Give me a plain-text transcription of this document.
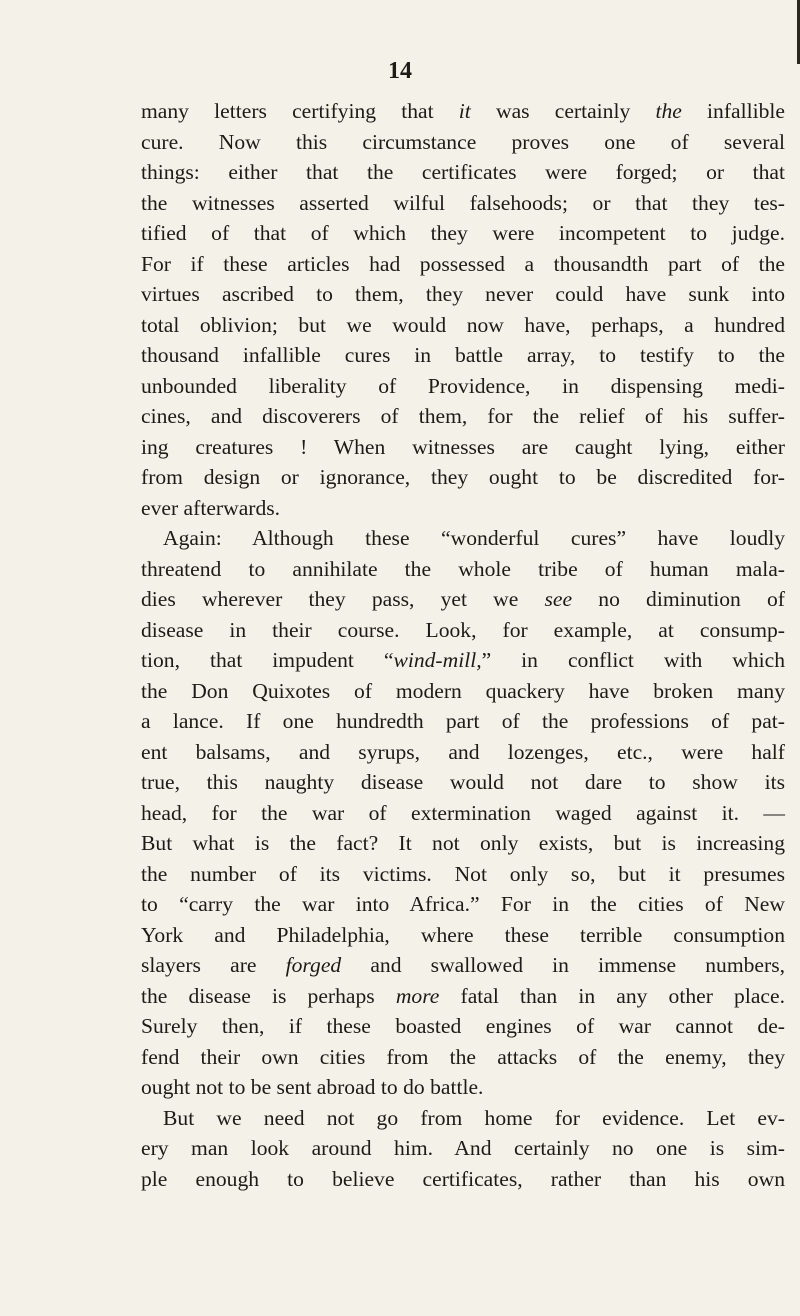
14
many letters certifying that it was certainly the infallible
cure. Now this circumstance proves one of several
things: either that the certificates were forged; or that
the witnesses asserted wilful falsehoods; or that they tes-
tified of that of which they were incompetent to judge.
For if these articles had possessed a thousandth part of the
virtues ascribed to them, they never could have sunk into
total oblivion; but we would now have, perhaps, a hundred
thousand infallible cures in battle array, to testify to the
unbounded liberality of Providence, in dispensing medi-
cines, and discoverers of them, for the relief of his suffer-
ing creatures ! When witnesses are caught lying, either
from design or ignorance, they ought to be discredited for-
ever afterwards.
Again: Although these “wonderful cures” have loudly
threatend to annihilate the whole tribe of human mala-
dies wherever they pass, yet we see no diminution of
disease in their course. Look, for example, at consump-
tion, that impudent “wind-mill,” in conflict with which
the Don Quixotes of modern quackery have broken many
a lance. If one hundredth part of the professions of pat-
ent balsams, and syrups, and lozenges, etc., were half
true, this naughty disease would not dare to show its
head, for the war of extermination waged against it. —
But what is the fact? It not only exists, but is increasing
the number of its victims. Not only so, but it presumes
to “carry the war into Africa.” For in the cities of New
York and Philadelphia, where these terrible consumption
slayers are forged and swallowed in immense numbers,
the disease is perhaps more fatal than in any other place.
Surely then, if these boasted engines of war cannot de-
fend their own cities from the attacks of the enemy, they
ought not to be sent abroad to do battle.
But we need not go from home for evidence. Let ev-
ery man look around him. And certainly no one is sim-
ple enough to believe certificates, rather than his own
